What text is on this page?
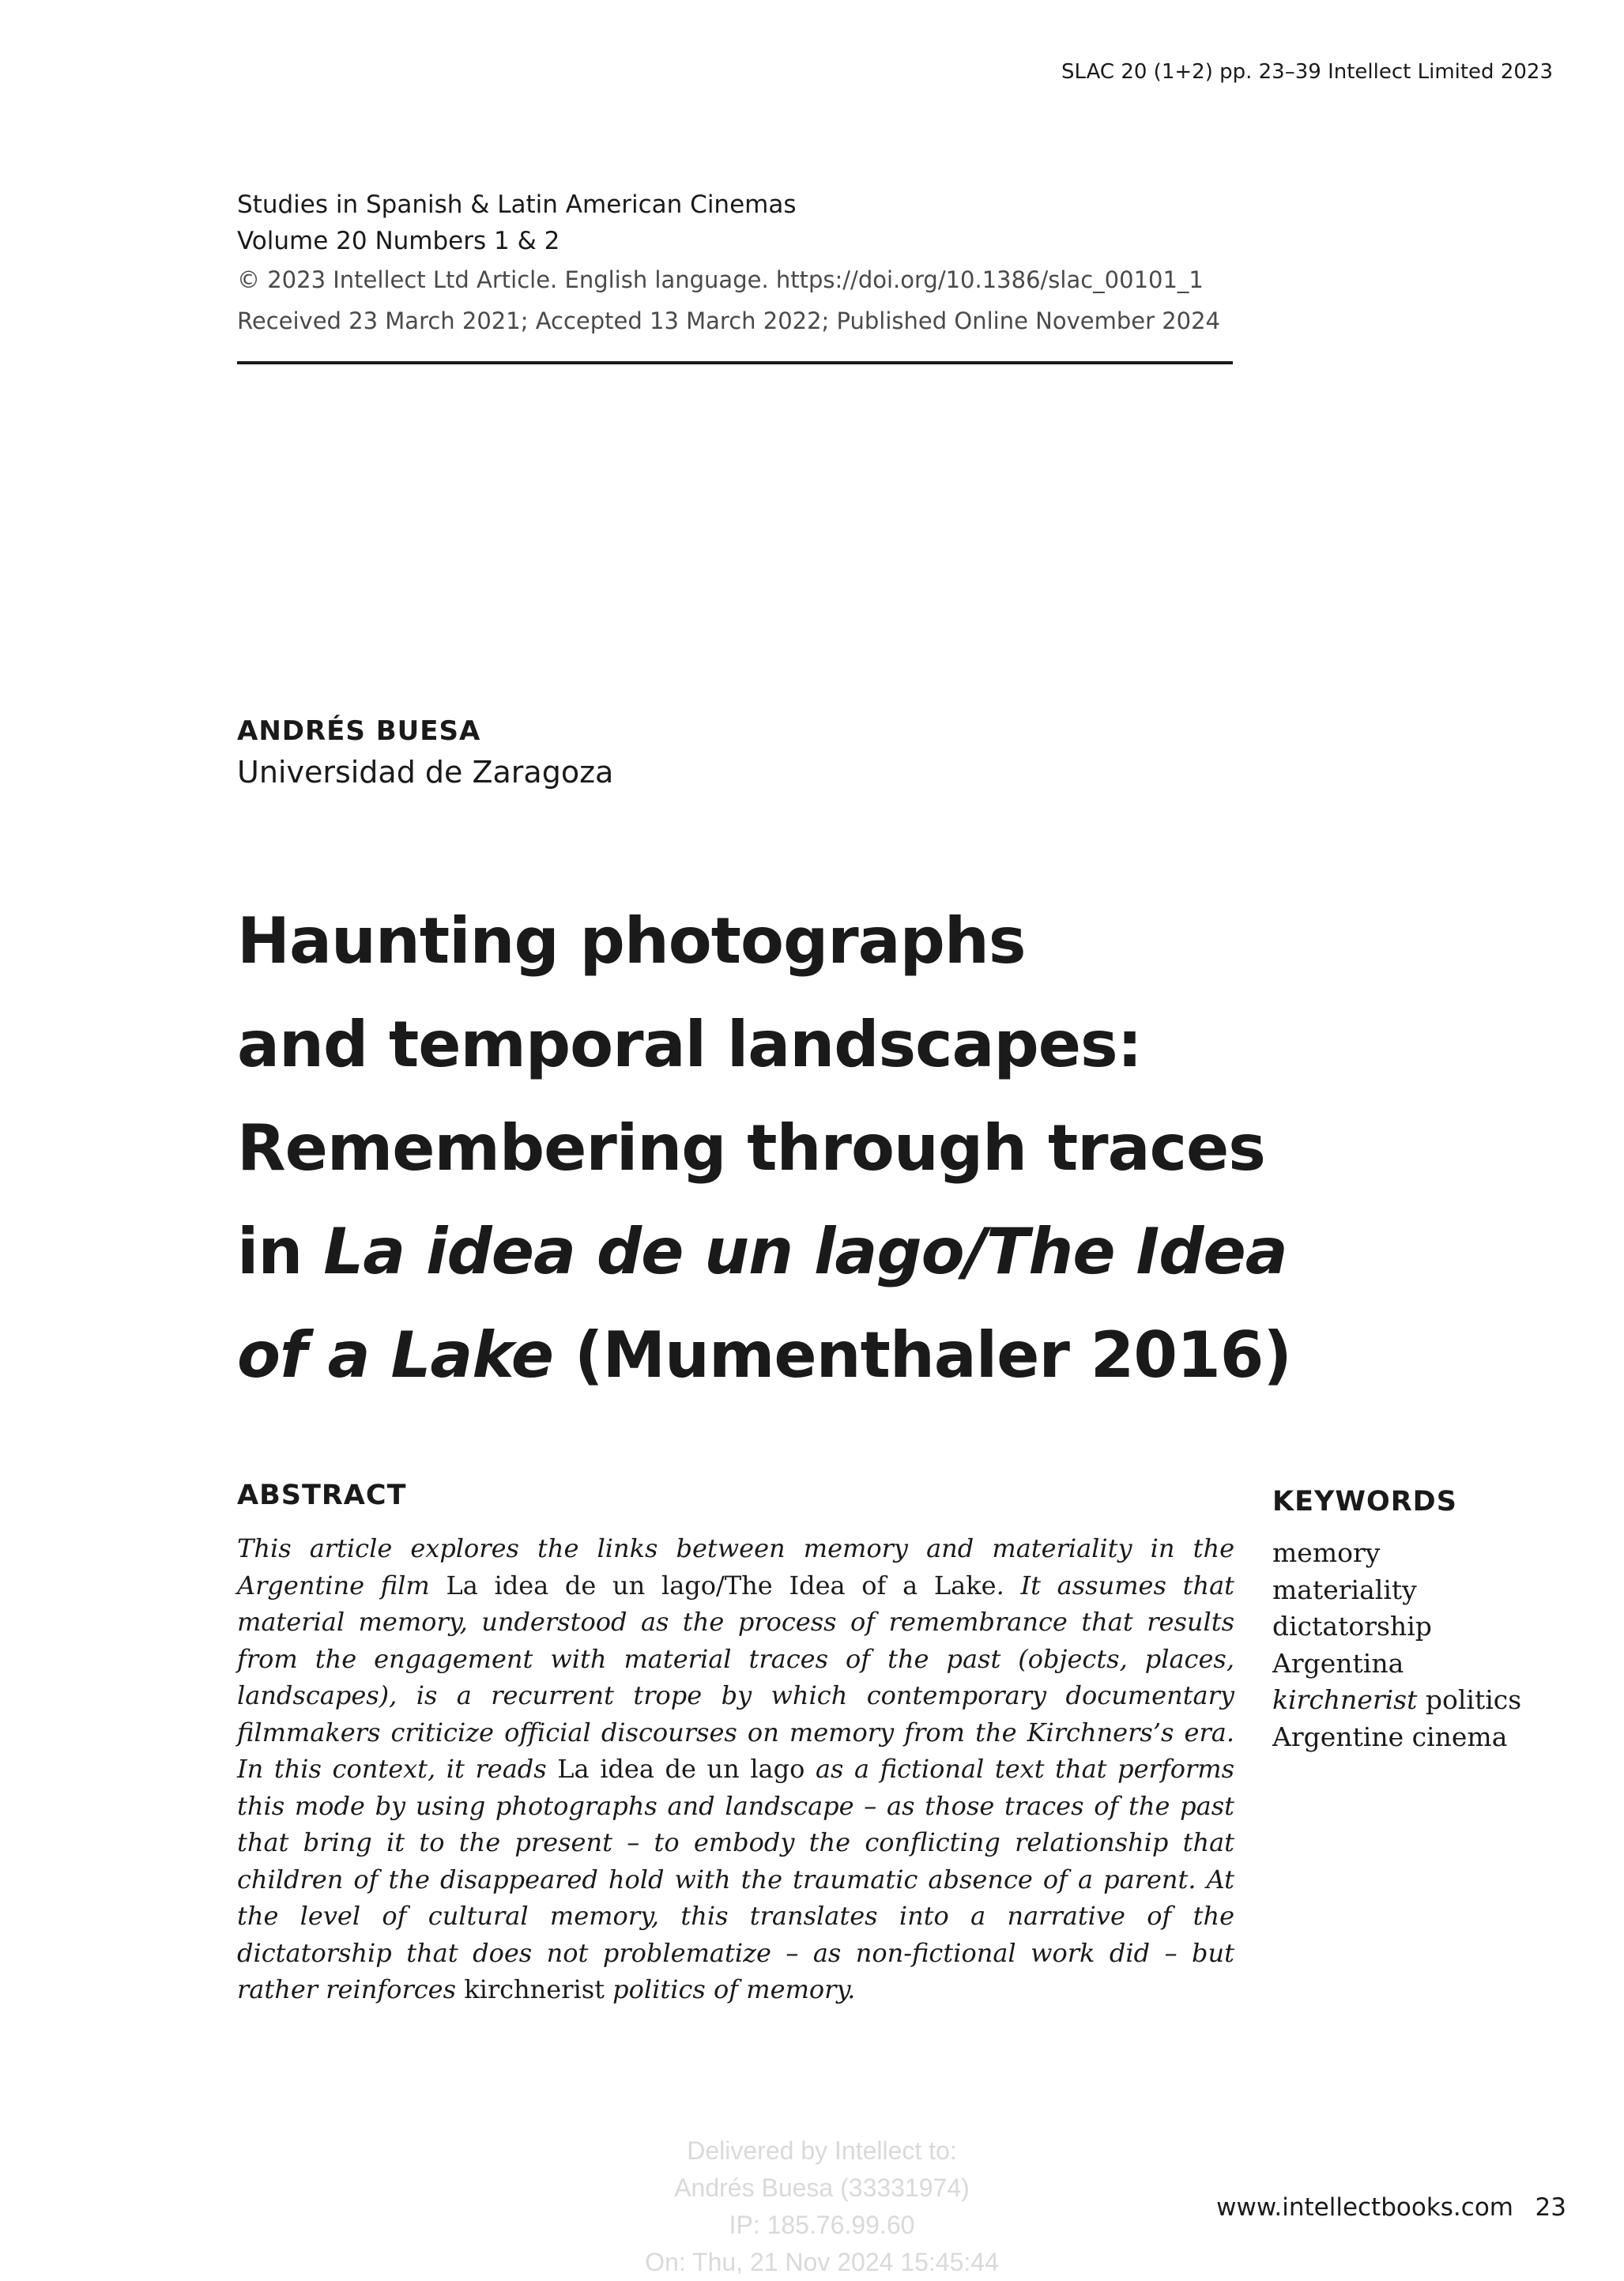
SLAC 20 (1+2) pp. 23–39 Intellect Limited 2023
Studies in Spanish & Latin American Cinemas
Volume 20 Numbers 1 & 2
© 2023 Intellect Ltd Article. English language. https://doi.org/10.1386/slac_00101_1
Received 23 March 2021; Accepted 13 March 2022; Published Online November 2024
ANDRÉS BUESA
Universidad de Zaragoza
Haunting photographs
and temporal landscapes:
Remembering through traces
in La idea de un lago/The Idea
of a Lake (Mumenthaler 2016)
ABSTRACT
This article explores the links between memory and materiality in the Argentine film La idea de un lago/The Idea of a Lake. It assumes that material memory, understood as the process of remembrance that results from the engagement with material traces of the past (objects, places, landscapes), is a recurrent trope by which contemporary documentary filmmakers criticize official discourses on memory from the Kirchners’s era. In this context, it reads La idea de un lago as a fictional text that performs this mode by using photographs and landscape – as those traces of the past that bring it to the present – to embody the conflicting relationship that children of the disappeared hold with the traumatic absence of a parent. At the level of cultural memory, this translates into a narrative of the dictatorship that does not problematize – as non-fictional work did – but rather reinforces kirchnerist politics of memory.
KEYWORDS
memory
materiality
dictatorship
Argentina
kirchnerist politics
Argentine cinema
Delivered by Intellect to:
Andrés Buesa (33331974)
IP: 185.76.99.60
On: Thu, 21 Nov 2024 15:45:44
www.intellectbooks.com 23
